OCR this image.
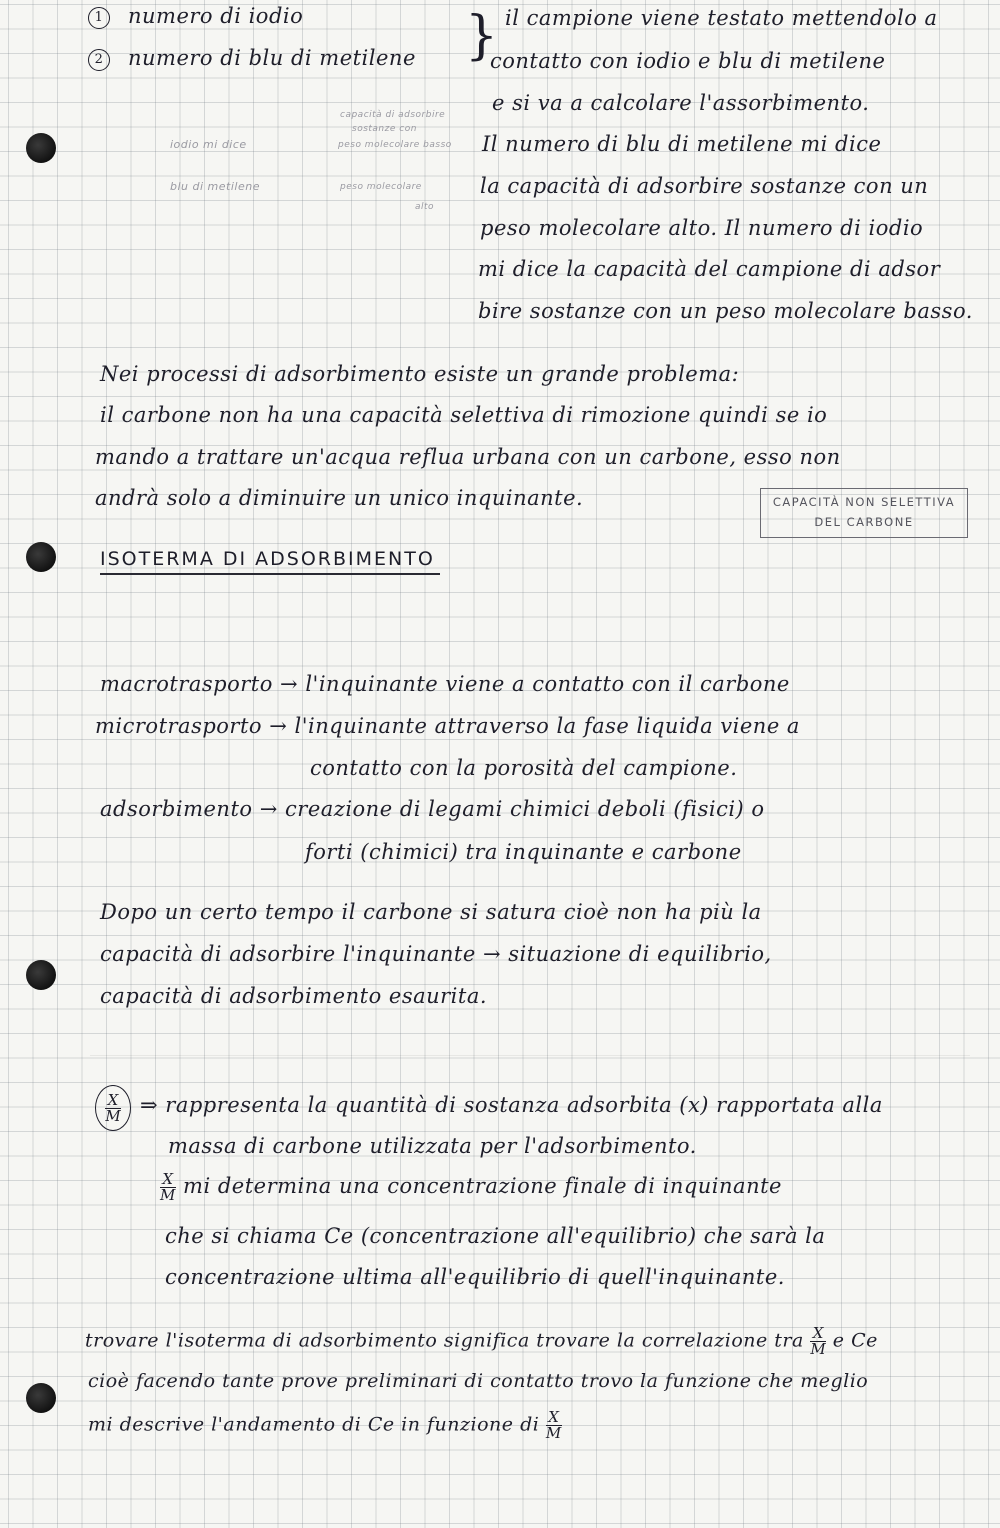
1 numero di iodio
2 numero di blu di metilene } il campione viene testato mettendolo a
contatto con iodio e blu di metilene
e si va a calcolare l'assorbimento.
Il numero di blu di metilene mi dice
la capacità di adsorbire sostanze con un
peso molecolare alto. Il numero di iodio
mi dice la capacità del campione di adsor
bire sostanze con un peso molecolare basso.
iodio mi dice
blu di metilene
capacità di adsorbire
sostanze con
peso molecolare basso
peso molecolare
alto
Nei processi di adsorbimento esiste un grande problema:
il carbone non ha una capacità selettiva di rimozione quindi se io
mando a trattare un'acqua reflua urbana con un carbone, esso non
andrà solo a diminuire un unico inquinante.	CAPACITÀ NON SELETTIVA
DEL CARBONE
ISOTERMA DI ADSORBIMENTO
macrotrasporto → l'inquinante viene a contatto con il carbone
microtrasporto → l'inquinante attraverso la fase liquida viene a
contatto con la porosità del campione.
adsorbimento → creazione di legami chimici deboli (fisici) o
forti (chimici) tra inquinante e carbone
Dopo un certo tempo il carbone si satura cioè non ha più la
capacità di adsorbire l'inquinante → situazione di equilibrio,
capacità di adsorbimento esaurita.
$\frac{X}{M}$ ⇒ rappresenta la quantità di sostanza adsorbita (x) rapportata alla
massa di carbone utilizzata per l'adsorbimento.
$\frac{X}{M}$ mi determina una concentrazione finale di inquinante
che si chiama Ce (concentrazione all'equilibrio) che sarà la
concentrazione ultima all'equilibrio di quell'inquinante.
trovare l'isoterma di adsorbimento significa trovare la correlazione tra $\frac{X}{M}$ e Ce
cioè facendo tante prove preliminari di contatto trovo la funzione che meglio
mi descrive l'andamento di Ce in funzione di $\frac{X}{M}$
